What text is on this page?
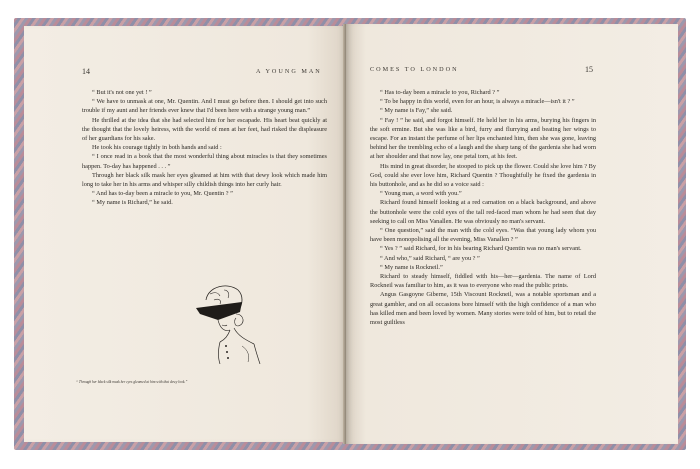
14	A YOUNG MAN

“ But it's not one yet ! ”

“ We have to unmask at one, Mr. Quentin. And I must go before then. I should get into such trouble if my aunt and her friends ever knew that I'd been here with a strange young man.”

He thrilled at the idea that she had selected him for her escapade. His heart beat quickly at the thought that the lovely heiress, with the world of men at her feet, had risked the displeasure of her guardians for his sake.

He took his courage tightly in both hands and said :

“ I once read in a book that the most wonderful thing about miracles is that they sometimes happen. To-day has happened . . . ”

Through her black silk mask her eyes gleamed at him with that dewy look which made him long to take her in his arms and whisper silly childish things into her curly hair.

“ And has to-day been a miracle to you, Mr. Quentin ? ”

“ My name is Richard,” he said.

“ Through her black silk mask her eyes gleamed at him with that dewy look.”
COMES TO LONDON	15

“ Has to-day been a miracle to you, Richard ? ”

“ To be happy in this world, even for an hour, is always a miracle—isn't it ? ”

“ My name is Fay,” she said.

“ Fay ! ” he said, and forgot himself. He held her in his arms, burying his fingers in the soft ermine. But she was like a bird, furry and flurrying and beating her wings to escape. For an instant the perfume of her lips enchanted him, then she was gone, leaving behind her the trembling echo of a laugh and the sharp tang of the gardenia she had worn at her shoulder and that now lay, one petal torn, at his feet.

His mind in great disorder, he stooped to pick up the flower. Could she love him ? By God, could she ever love him, Richard Quentin ? Thoughtfully he fixed the gardenia in his buttonhole, and as he did so a voice said :

“ Young man, a word with you.”

Richard found himself looking at a red carnation on a black background, and above the buttonhole were the cold eyes of the tall red-faced man whom he had seen that day seeking to call on Miss Vanallen. He was obviously no man's servant.

“ One question,” said the man with the cold eyes. “Was that young lady whom you have been monopolising all the evening, Miss Vanallen ? ”

“ Yes ? ” said Richard, for in his bearing Richard Quentin was no man's servant.

“ And who,” said Richard, “ are you ? ”

“ My name is Rockneil.”

Richard to steady himself, fiddled with his—her—gardenia. The name of Lord Rockneil was familiar to him, as it was to everyone who read the public prints.

Angus Gasgoyne Giberne, 15th Viscount Rockneil, was a notable sportsman and a great gambler, and on all occasions bore himself with the high confidence of a man who has killed men and been loved by women. Many stories were told of him, but to retail the most guiltless
